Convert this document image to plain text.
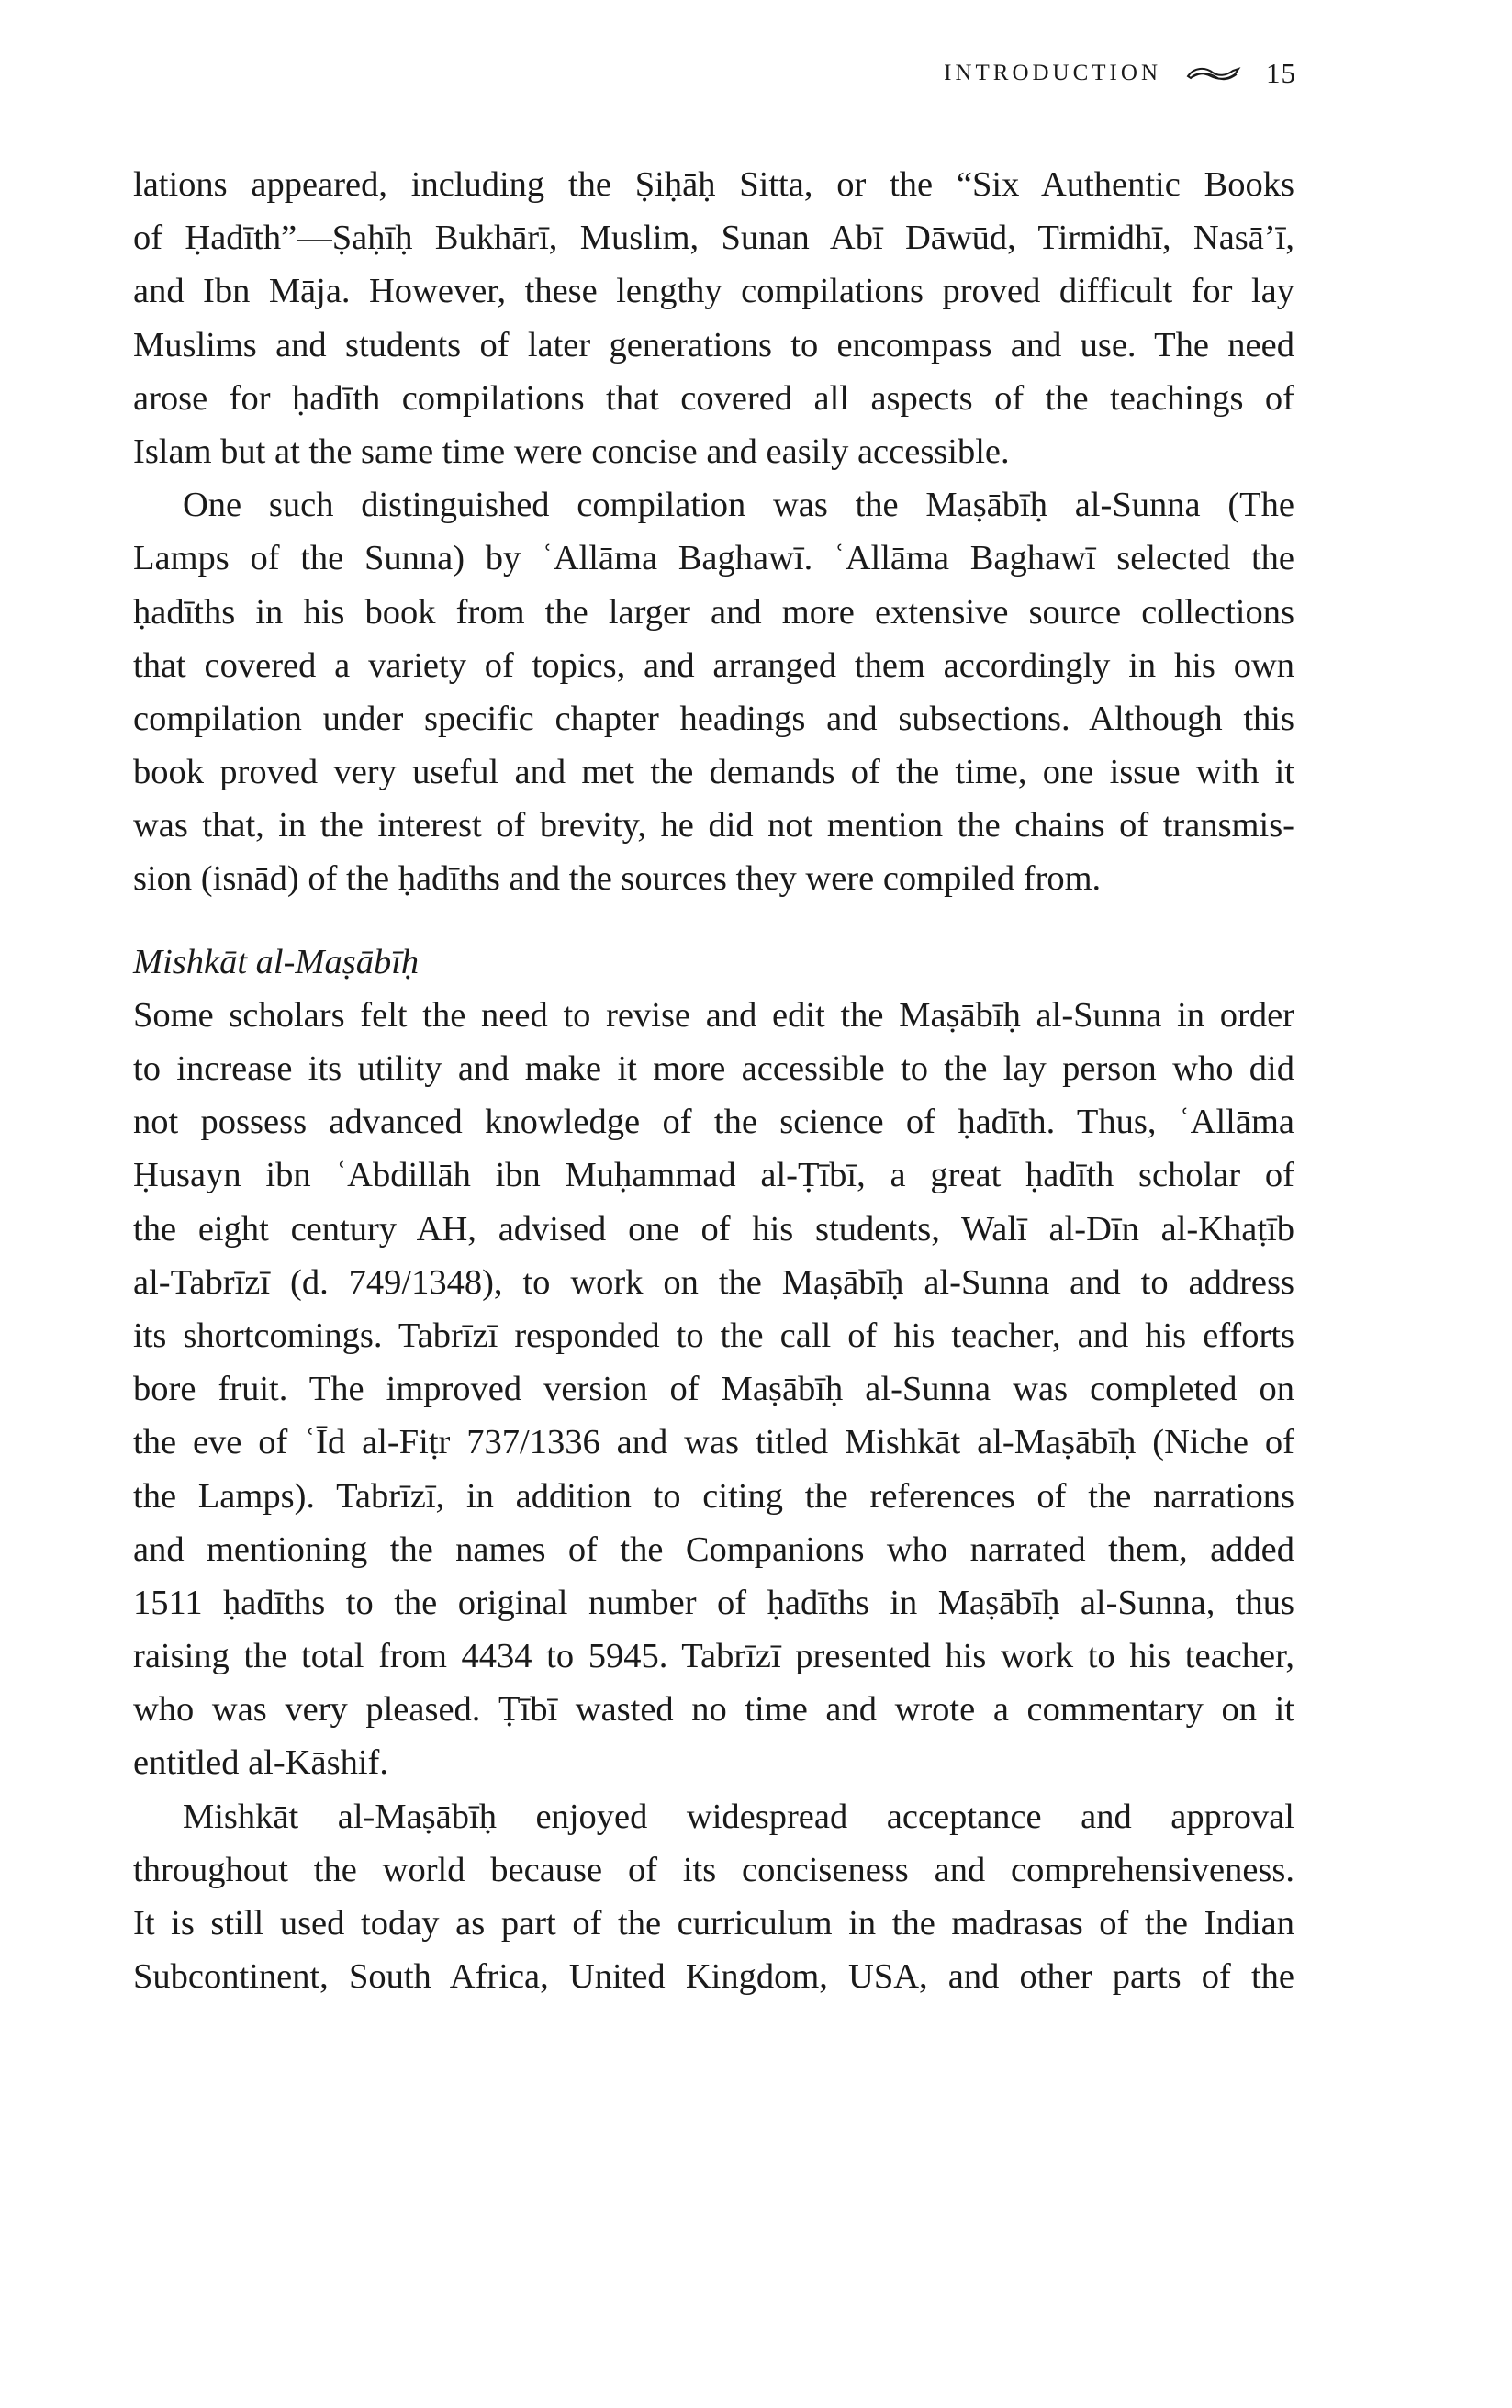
INTRODUCTION	15
lations appeared, including the Ṣiḥāḥ Sitta, or the “Six Authentic Books
of Ḥadīth”—Ṣaḥīḥ Bukhārī, Muslim, Sunan Abī Dāwūd, Tirmidhī, Nasā’ī,
and Ibn Māja. However, these lengthy compilations proved difficult for lay
Muslims and students of later generations to encompass and use. The need
arose for ḥadīth compilations that covered all aspects of the teachings of
Islam but at the same time were concise and easily accessible.
One such distinguished compilation was the Maṣābīḥ al-Sunna (The
Lamps of the Sunna) by ʿAllāma Baghawī. ʿAllāma Baghawī selected the
ḥadīths in his book from the larger and more extensive source collections
that covered a variety of topics, and arranged them accordingly in his own
compilation under specific chapter headings and subsections. Although this
book proved very useful and met the demands of the time, one issue with it
was that, in the interest of brevity, he did not mention the chains of transmis-
sion (isnād) of the ḥadīths and the sources they were compiled from.
Mishkāt al-Maṣābīḥ
Some scholars felt the need to revise and edit the Maṣābīḥ al-Sunna in order
to increase its utility and make it more accessible to the lay person who did
not possess advanced knowledge of the science of ḥadīth. Thus, ʿAllāma
Ḥusayn ibn ʿAbdillāh ibn Muḥammad al-Ṭībī, a great ḥadīth scholar of
the eight century AH, advised one of his students, Walī al-Dīn al-Khaṭīb
al-Tabrīzī (d. 749/1348), to work on the Maṣābīḥ al-Sunna and to address
its shortcomings. Tabrīzī responded to the call of his teacher, and his efforts
bore fruit. The improved version of Maṣābīḥ al-Sunna was completed on
the eve of ʿĪd al-Fiṭr 737/1336 and was titled Mishkāt al-Maṣābīḥ (Niche of
the Lamps). Tabrīzī, in addition to citing the references of the narrations
and mentioning the names of the Companions who narrated them, added
1511 ḥadīths to the original number of ḥadīths in Maṣābīḥ al-Sunna, thus
raising the total from 4434 to 5945. Tabrīzī presented his work to his teacher,
who was very pleased. Ṭībī wasted no time and wrote a commentary on it
entitled al-Kāshif.
Mishkāt al-Maṣābīḥ enjoyed widespread acceptance and approval
throughout the world because of its conciseness and comprehensiveness.
It is still used today as part of the curriculum in the madrasas of the Indian
Subcontinent, South Africa, United Kingdom, USA, and other parts of the
